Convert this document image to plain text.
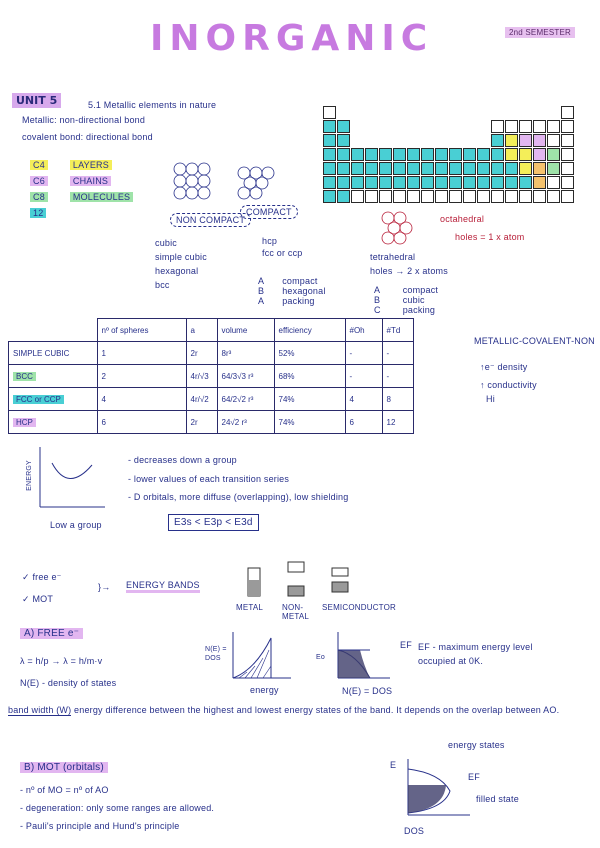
INORGANIC	2nd SEMESTER
UNIT 5	5.1 Metallic elements in nature
Metallic: non-directional bond
covalent bond: directional bond
C4	LAYERS
C6	CHAINS
C8	MOLECULES
12
NON COMPACT
COMPACT
cubic
simple cubic
hexagonal
bcc
hcp
fcc or ccp
A
B
A
compact
hexagonal
packing
octahedral
holes = 1 x atom
tetrahedral
holes → 2 x atoms
A
B
C
compact
cubic
packing
	nº of spheres	a	volume	efficiency	#Oh	#Td
SIMPLE CUBIC	1	2r	8r³	52%	-	-
BCC	2	4r/√3	64/3√3 r³	68%	-	-
FCC or CCP	4	4r/√2	64/2√2 r³	74%	4	8
HCP	6	2r	24√2 r³	74%	6	12
METALLIC-COVALENT-NON
↑e⁻ density
↑ conductivity
Hi
ENERGY
Low a group
- decreases down a group
- lower values of each transition series
- D orbitals, more diffuse (overlapping), low shielding
E3s < E3p < E3d
✓ free e⁻
✓ MOT
}→ ENERGY BANDS
METAL NON-METAL
SEMICONDUCTOR
A) FREE e⁻
λ = h/p → λ = h/m·v
N(E) - density of states
N(E) = DOS
energy
Eo
N(E) = DOS
EF EF - maximum energy level occupied at 0K.
band width (W) energy difference between the highest and lowest energy states of the band. It depends on the overlap between AO.
B) MOT (orbitals)
- nº of MO = nº of AO
- degeneration: only some ranges are allowed.
- Pauli's principle and Hund's principle
E
energy states
EF
filled state
DOS
